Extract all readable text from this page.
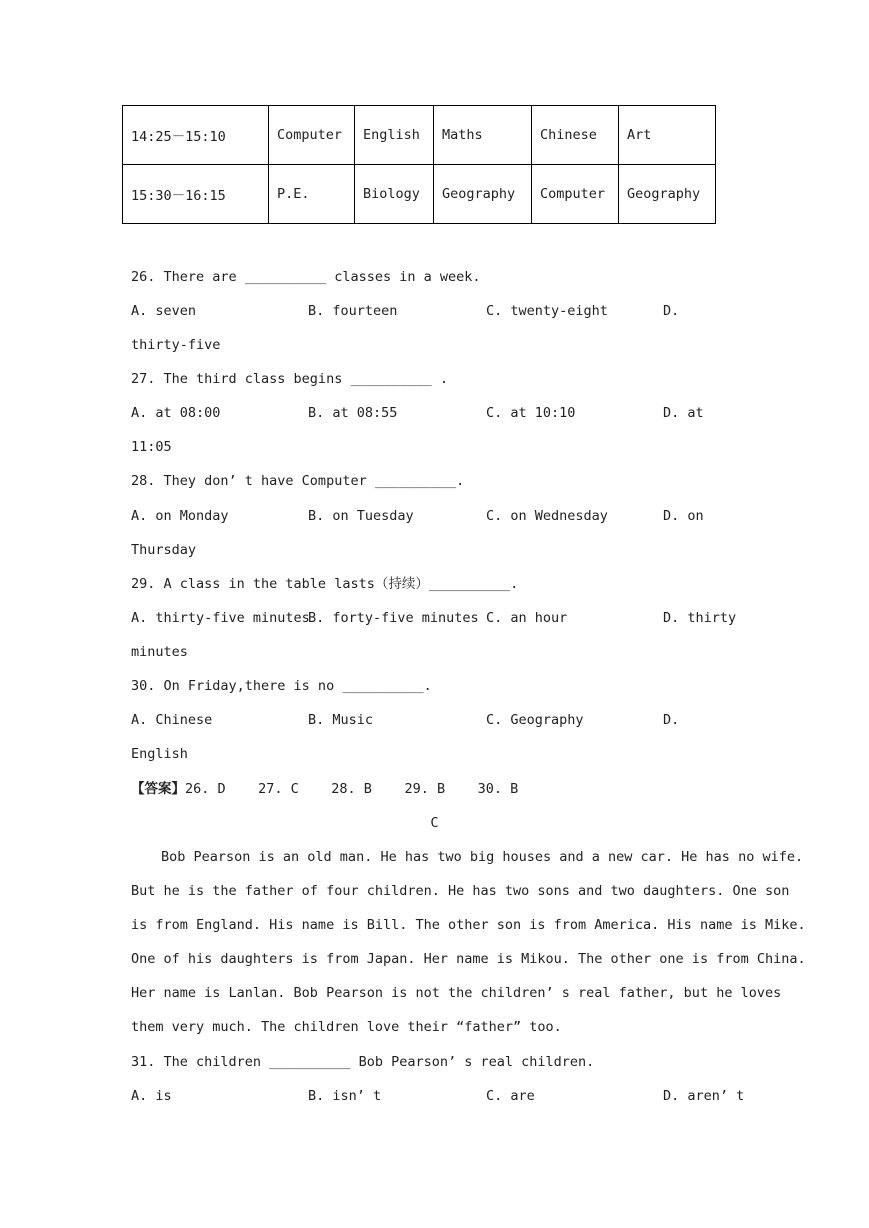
14:25－15:10	Computer	English	Maths	Chinese	Art
15:30－16:15	P.E.	Biology	Geography	Computer	Geography
26. There are __________ classes in a week.
A. seven	B. fourteen	C. twenty-eight	D.
thirty-five
27. The third class begins __________ .
A. at 08:00	B. at 08:55	C. at 10:10	D. at
11:05
28. They don’ t have Computer __________.
A. on Monday	B. on Tuesday	C. on Wednesday	D. on
Thursday
29. A class in the table lasts（持续）__________.
A. thirty-five minutes
B. forty-five minutes C. an hour	D. thirty
minutes
30. On Friday,there is no __________.
A. Chinese	B. Music	C. Geography	D.
English
【答案】26. D    27. C    28. B    29. B    30. B
C
Bob Pearson is an old man. He has two big houses and a new car. He has no wife.
But he is the father of four children. He has two sons and two daughters. One son
is from England. His name is Bill. The other son is from America. His name is Mike.
One of his daughters is from Japan. Her name is Mikou. The other one is from China.
Her name is Lanlan. Bob Pearson is not the children’ s real father, but he loves
them very much. The children love their “father” too.
31. The children __________ Bob Pearson’ s real children.
A. is	B. isn’ t	C. are	D. aren’ t
